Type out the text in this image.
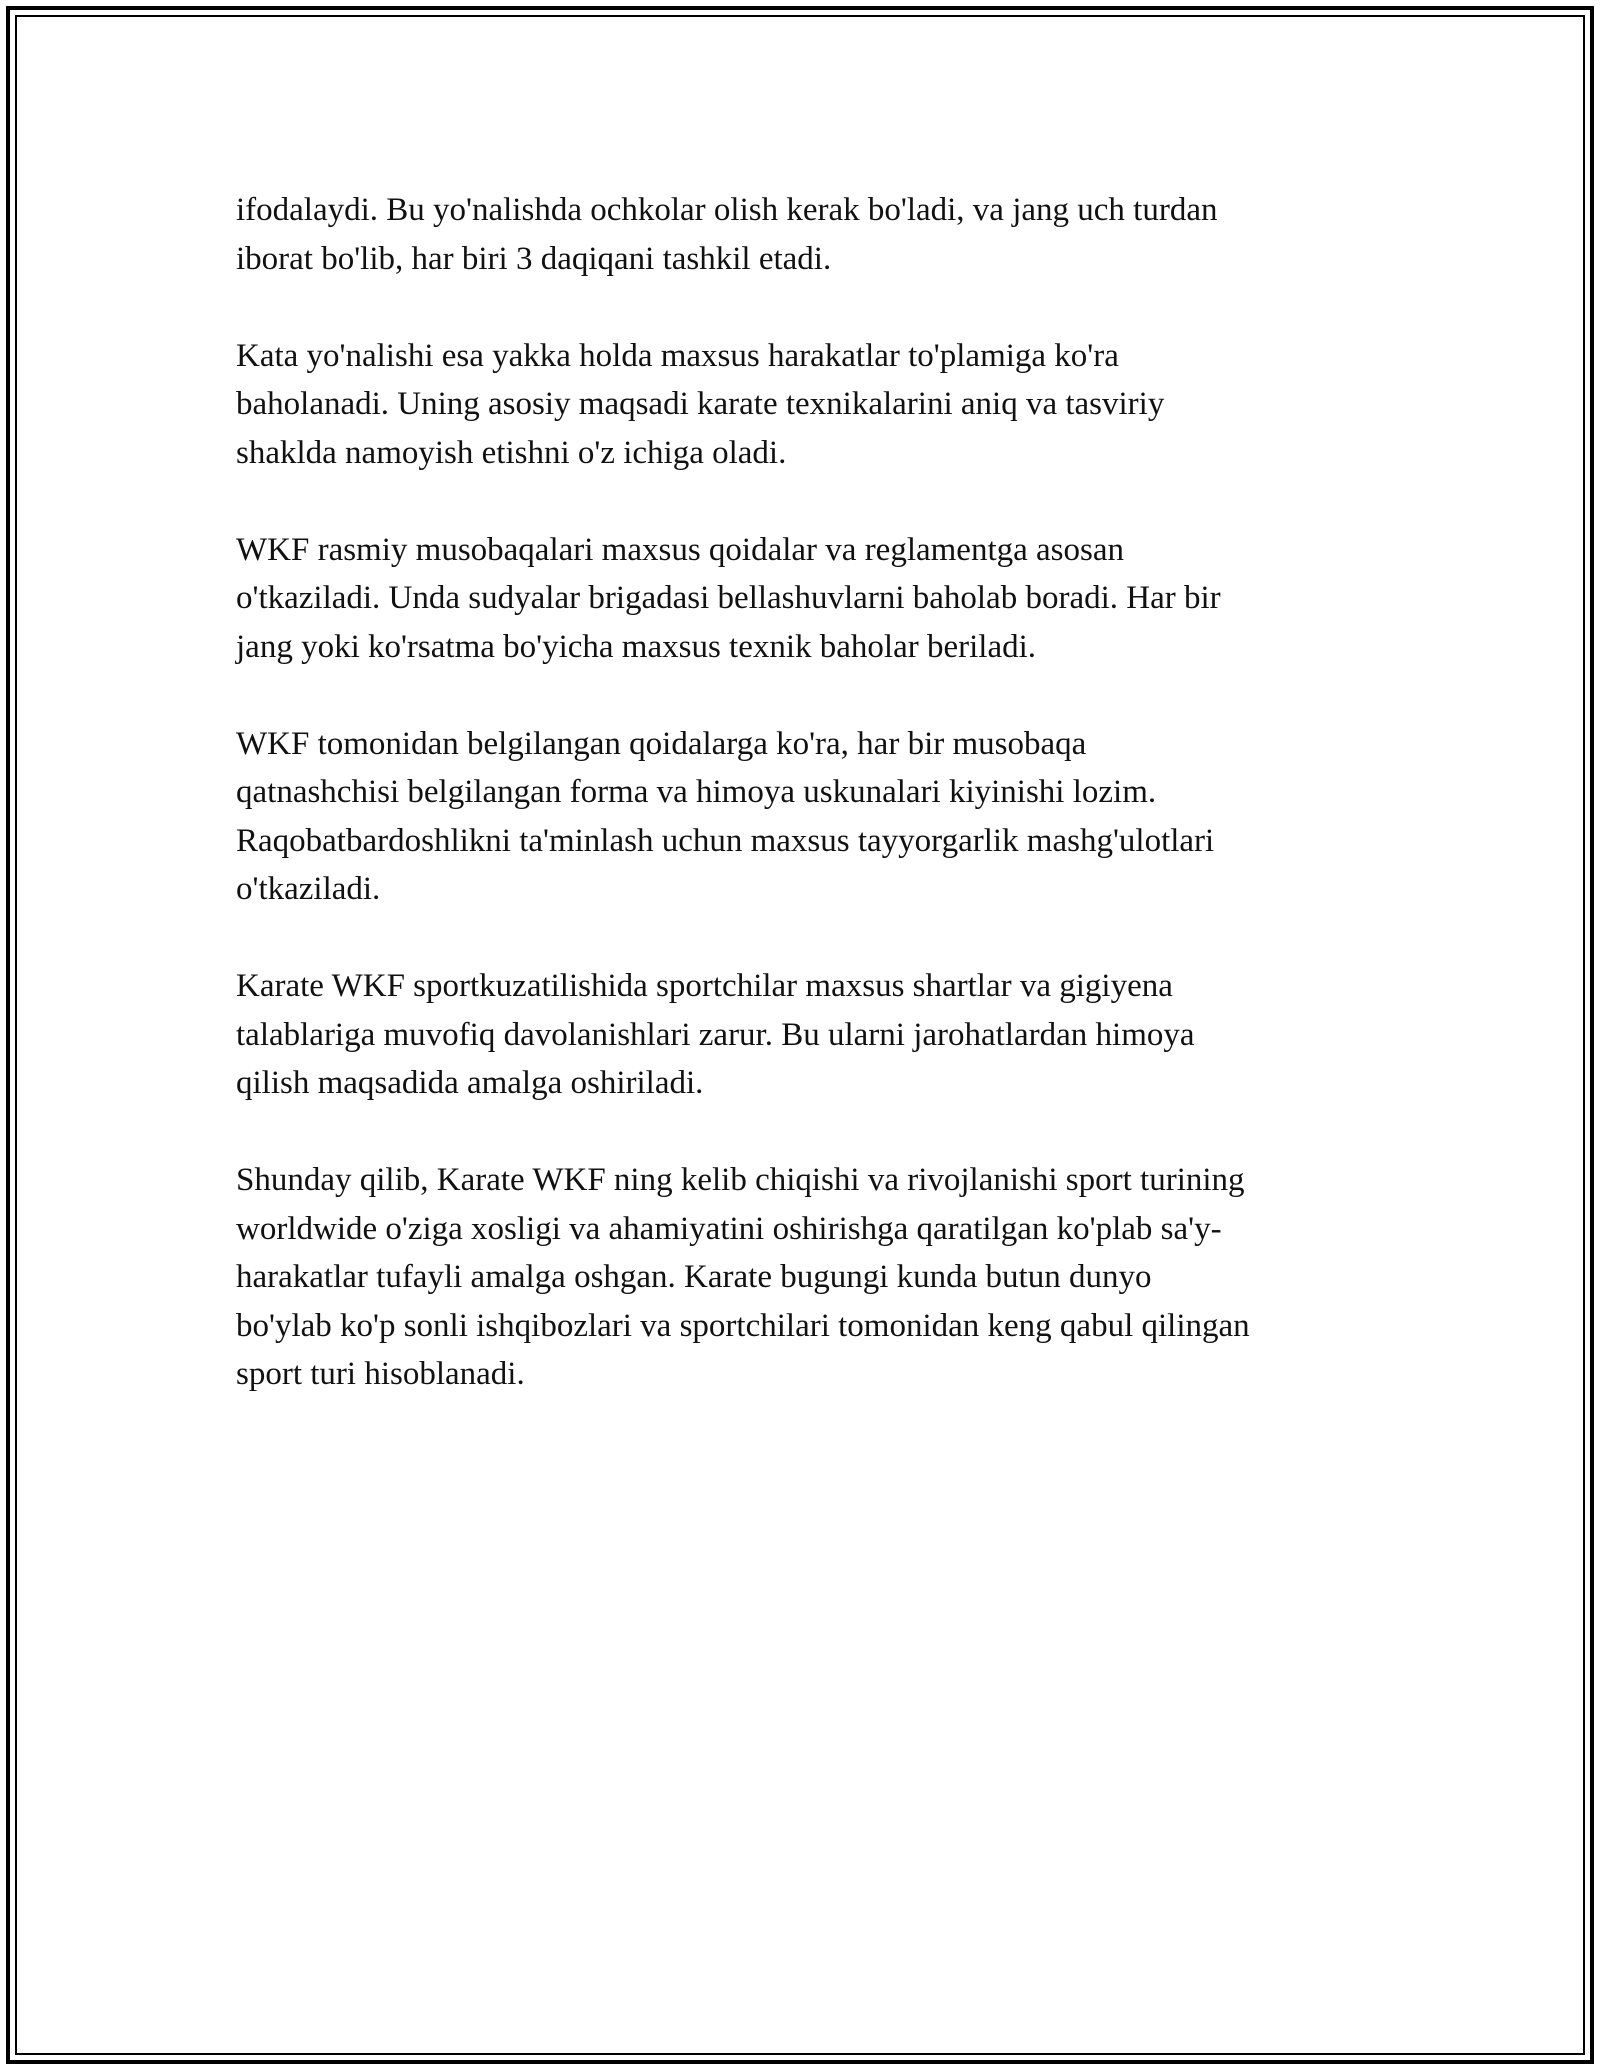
ifodalaydi. Bu yo'nalishda ochkolar olish kerak bo'ladi, va jang uch turdan
iborat bo'lib, har biri 3 daqiqani tashkil etadi.

Kata yo'nalishi esa yakka holda maxsus harakatlar to'plamiga ko'ra
baholanadi. Uning asosiy maqsadi karate texnikalarini aniq va tasviriy
shakldа namoyish etishni o'z ichiga oladi.

WKF rasmiy musobaqalari maxsus qoidalar va reglamentga asosan
o'tkaziladi. Unda sudyalar brigadasi bellashuvlarni baholab boradi. Har bir
jang yoki ko'rsatma bo'yicha maxsus texnik baholar beriladi.

WKF tomonidan belgilangan qoidalarga ko'ra, har bir musobaqa
qatnashchisi belgilangan forma va himoya uskunalari kiyinishi lozim.
Raqobatbardoshlikni ta'minlash uchun maxsus tayyorgarlik mashg'ulotlari
o'tkaziladi.

Karate WKF sportkuzatilishida sportchilar maxsus shartlar va gigiyena
talablariga muvofiq davolanishlari zarur. Bu ularni jarohatlardan himoya
qilish maqsadida amalga oshiriladi.

Shunday qilib, Karate WKF ning kelib chiqishi va rivojlanishi sport turining
worldwide o'ziga xosligi va ahamiyatini oshirishga qaratilgan ko'plab sa'y-
harakatlar tufayli amalga oshgan. Karate bugungi kunda butun dunyo
bo'ylab ko'p sonli ishqibozlari va sportchilari tomonidan keng qabul qilingan
sport turi hisoblanadi.
